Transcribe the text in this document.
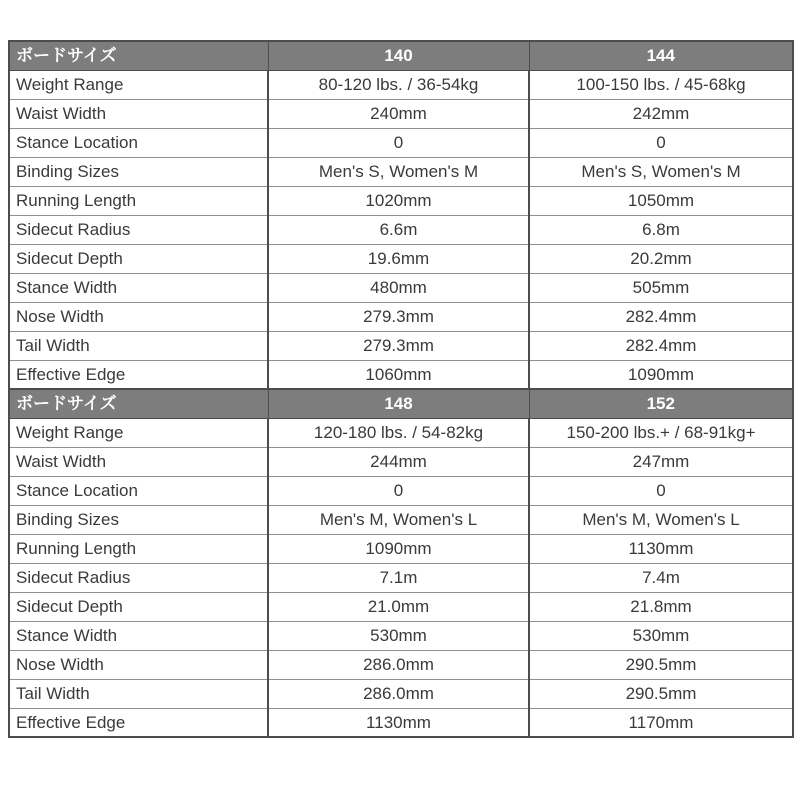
ボードサイズ	140	144
Weight Range	80-120 lbs. / 36-54kg	100-150 lbs. / 45-68kg
Waist Width	240mm	242mm
Stance Location	0	0
Binding Sizes	Men's S, Women's M	Men's S, Women's M
Running Length	1020mm	1050mm
Sidecut Radius	6.6m	6.8m
Sidecut Depth	19.6mm	20.2mm
Stance Width	480mm	505mm
Nose Width	279.3mm	282.4mm
Tail Width	279.3mm	282.4mm
Effective Edge	1060mm	1090mm
ボードサイズ	148	152
Weight Range	120-180 lbs. / 54-82kg	150-200 lbs.+ / 68-91kg+
Waist Width	244mm	247mm
Stance Location	0	0
Binding Sizes	Men's M, Women's L	Men's M, Women's L
Running Length	1090mm	1130mm
Sidecut Radius	7.1m	7.4m
Sidecut Depth	21.0mm	21.8mm
Stance Width	530mm	530mm
Nose Width	286.0mm	290.5mm
Tail Width	286.0mm	290.5mm
Effective Edge	1130mm	1170mm
